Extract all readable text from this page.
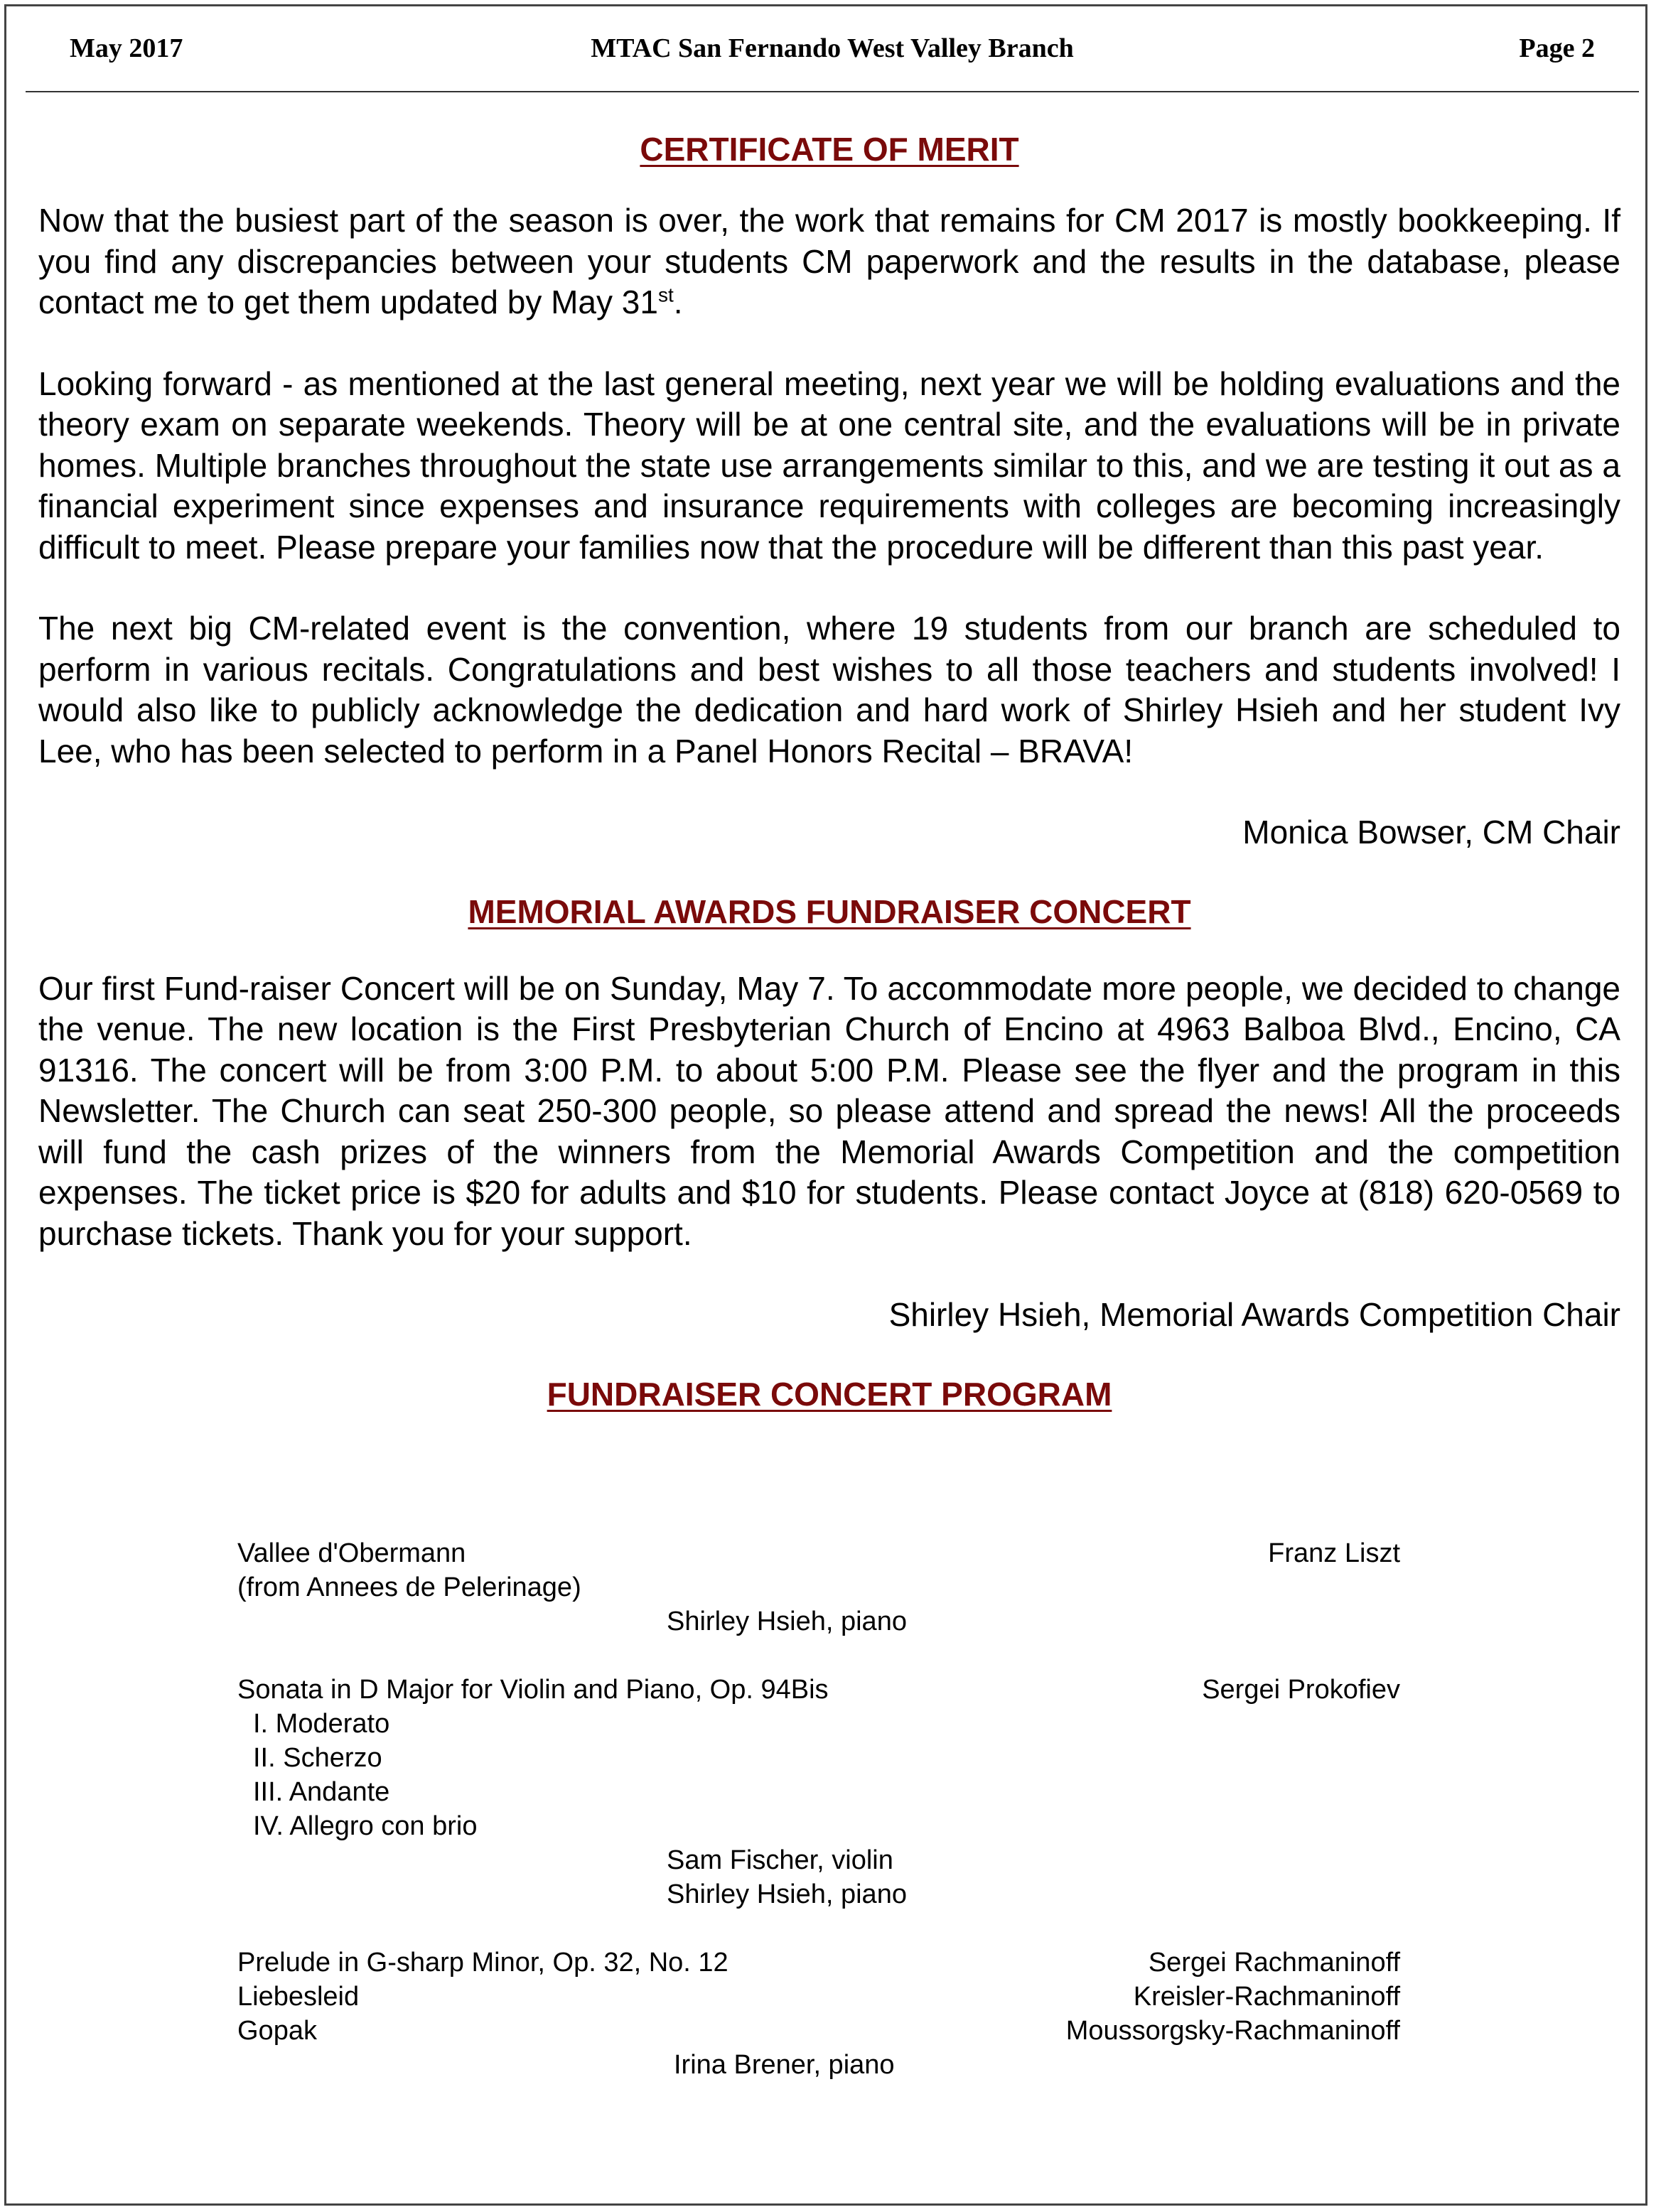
May 2017	MTAC San Fernando West Valley Branch	Page 2
CERTIFICATE OF MERIT

Now that the busiest part of the season is over, the work that remains for CM 2017 is mostly bookkeeping. If you find any discrepancies between your students CM paperwork and the results in the database, please contact me to get them updated by May 31st.

Looking forward - as mentioned at the last general meeting, next year we will be holding evaluations and the theory exam on separate weekends. Theory will be at one central site, and the evaluations will be in private homes. Multiple branches throughout the state use arrangements similar to this, and we are testing it out as a financial experiment since expenses and insurance requirements with colleges are becoming increasingly difficult to meet. Please prepare your families now that the procedure will be different than this past year.

The next big CM-related event is the convention, where 19 students from our branch are scheduled to perform in various recitals. Congratulations and best wishes to all those teachers and students involved! I would also like to publicly acknowledge the dedication and hard work of Shirley Hsieh and her student Ivy Lee, who has been selected to perform in a Panel Honors Recital – BRAVA!

Monica Bowser, CM Chair

MEMORIAL AWARDS FUNDRAISER CONCERT

Our first Fund-raiser Concert will be on Sunday, May 7. To accommodate more people, we decided to change the venue. The new location is the First Presbyterian Church of Encino at 4963 Balboa Blvd., Encino, CA 91316. The concert will be from 3:00 P.M. to about 5:00 P.M. Please see the flyer and the program in this Newsletter. The Church can seat 250-300 people, so please attend and spread the news! All the proceeds will fund the cash prizes of the winners from the Memorial Awards Competition and the competition expenses. The ticket price is $20 for adults and $10 for students. Please contact Joyce at (818) 620-0569 to purchase tickets. Thank you for your support.

Shirley Hsieh, Memorial Awards Competition Chair

FUNDRAISER CONCERT PROGRAM
Vallee d'Obermann	Franz Liszt
(from Annees de Pelerinage)
Shirley Hsieh, piano
Sonata in D Major for Violin and Piano, Op. 94Bis	Sergei Prokofiev
I. Moderato
II. Scherzo
III. Andante
IV. Allegro con brio
Sam Fischer, violin
Shirley Hsieh, piano
Prelude in G-sharp Minor, Op. 32, No. 12	Sergei Rachmaninoff
Liebesleid	Kreisler-Rachmaninoff
Gopak	Moussorgsky-Rachmaninoff
Irina Brener, piano
